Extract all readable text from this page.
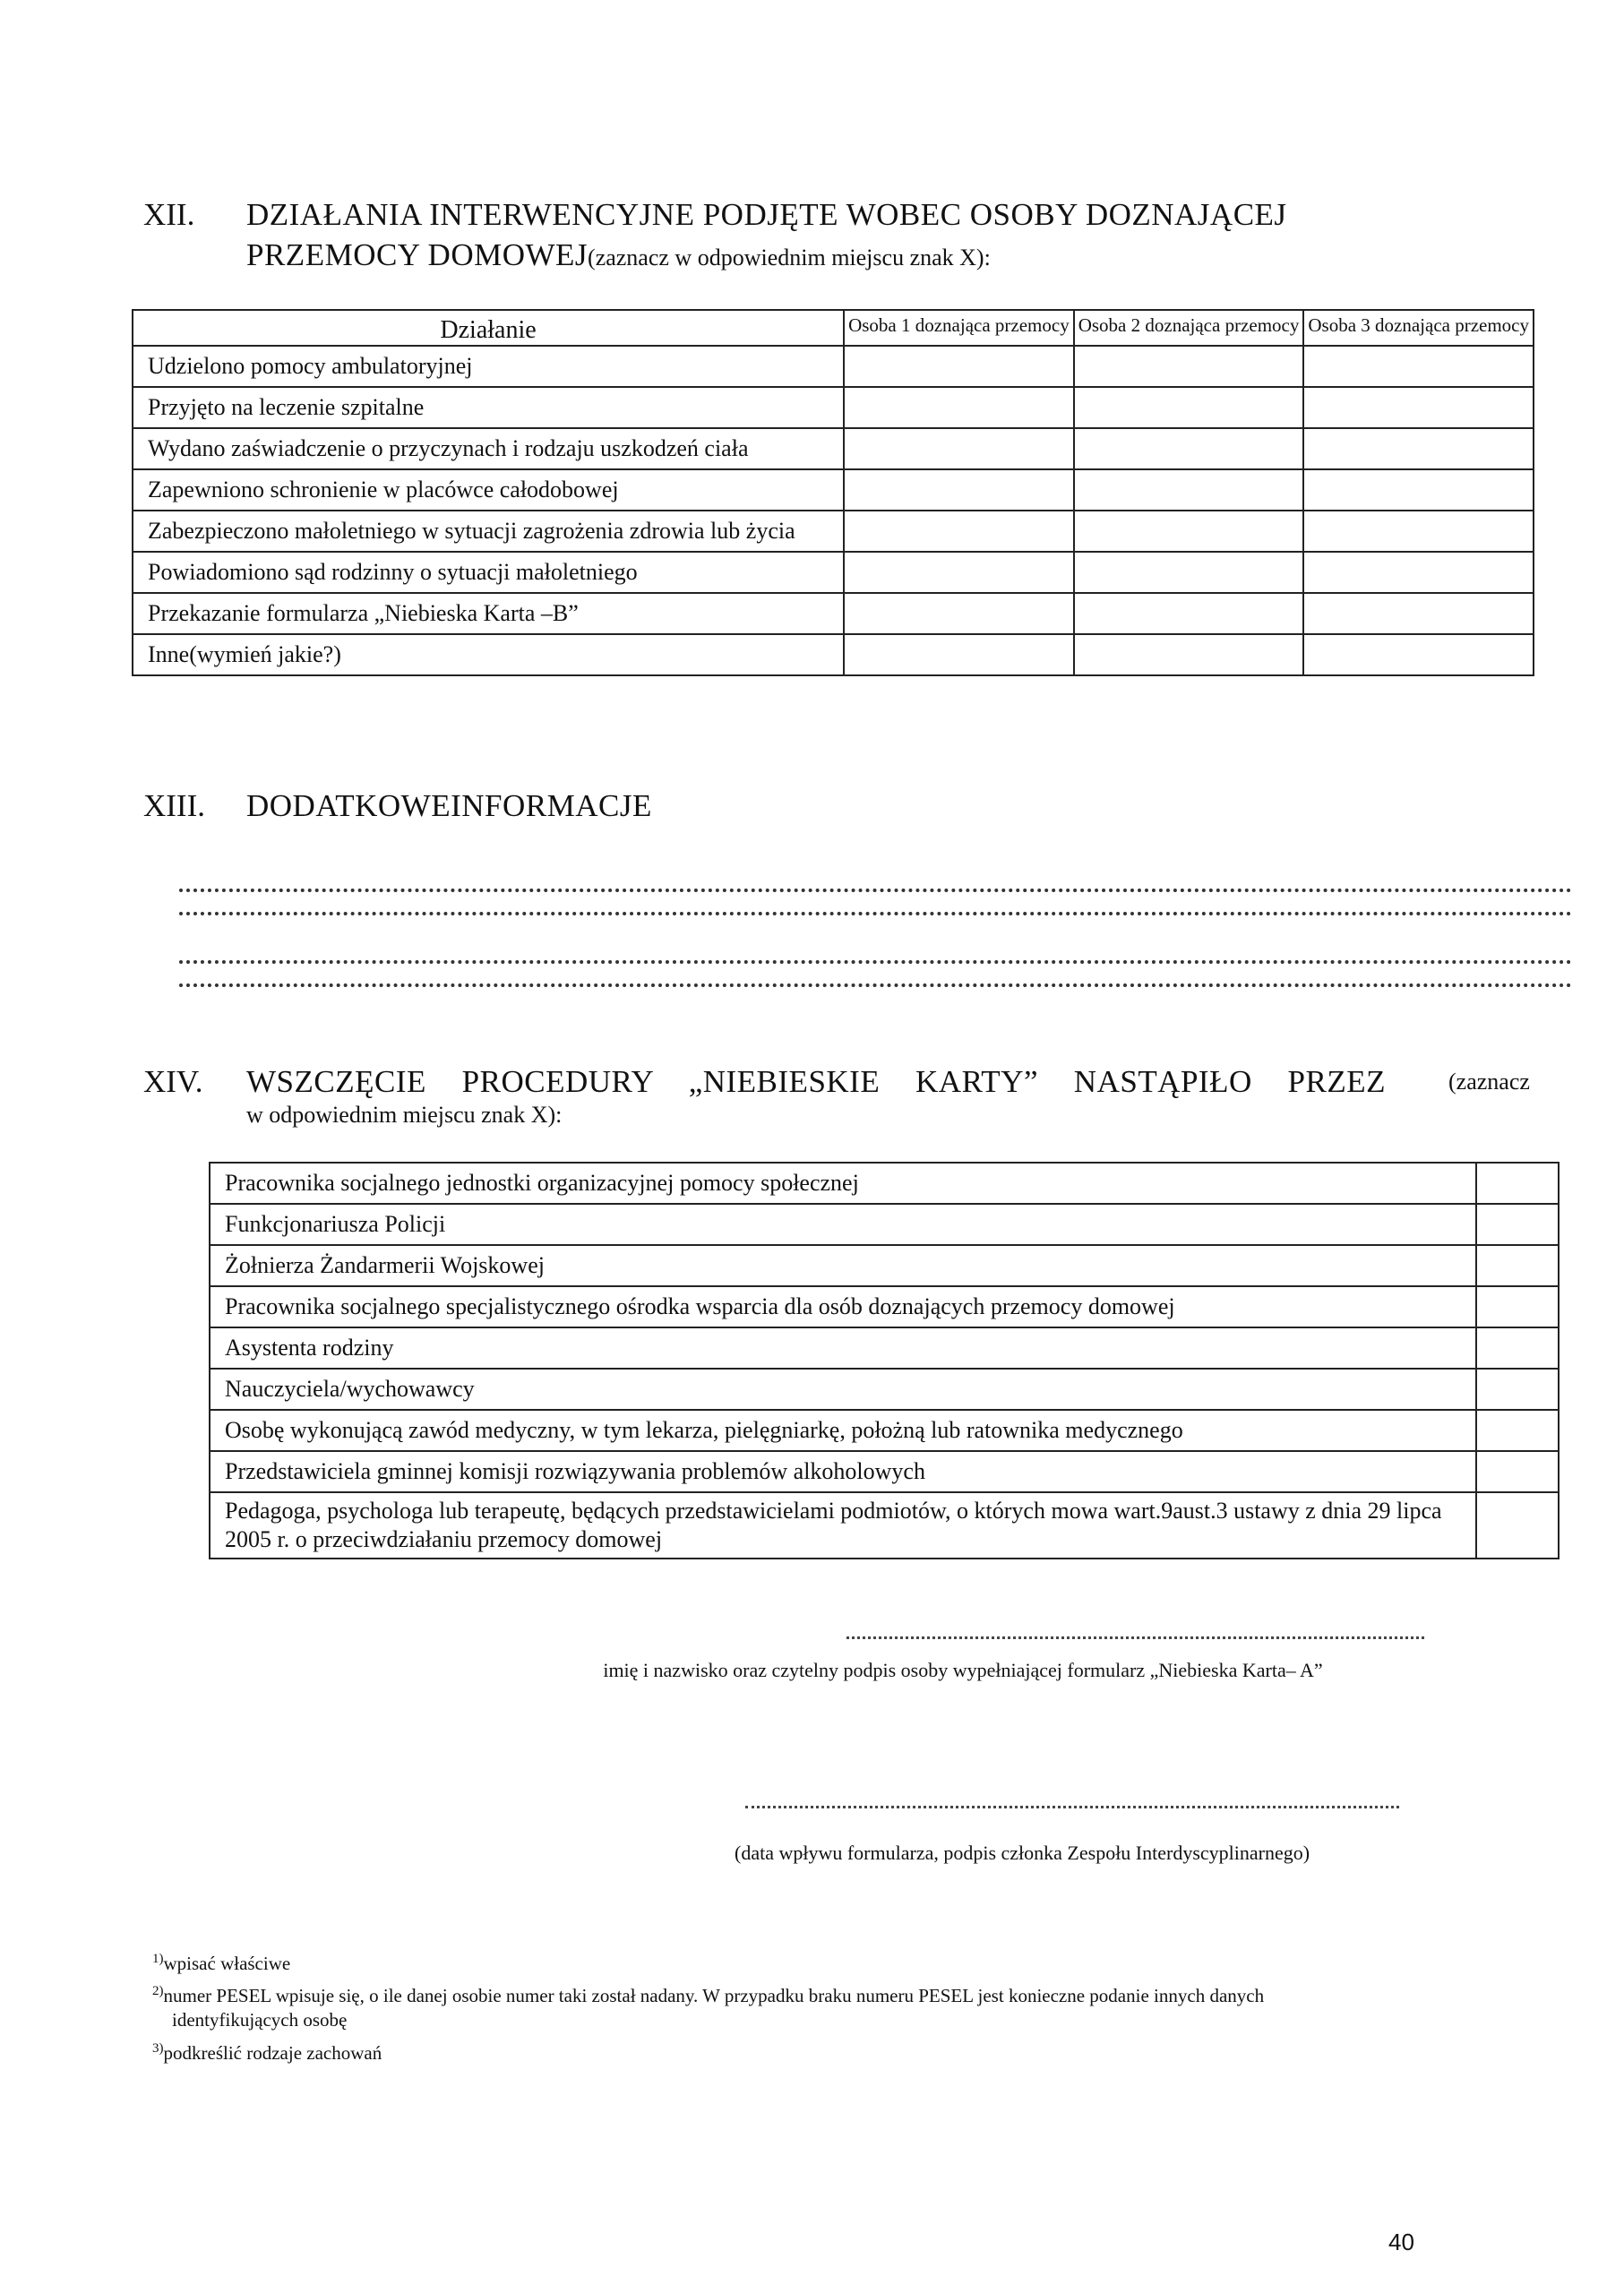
XII. DZIAŁANIA INTERWENCYJNE PODJĘTE WOBEC OSOBY DOZNAJĄCEJ
PRZEMOCY DOMOWEJ(zaznacz w odpowiednim miejscu znak X):
Działanie	Osoba 1 doznająca przemocy	Osoba 2 doznająca przemocy	Osoba 3 doznająca przemocy
Udzielono pomocy ambulatoryjnej			
Przyjęto na leczenie szpitalne			
Wydano zaświadczenie o przyczynach i rodzaju uszkodzeń ciała			
Zapewniono schronienie w placówce całodobowej			
Zabezpieczono małoletniego w sytuacji zagrożenia zdrowia lub życia			
Powiadomiono sąd rodzinny o sytuacji małoletniego			
Przekazanie formularza „Niebieska Karta –B”			
Inne(wymień jakie?)			
XIII. DODATKOWEINFORMACJE
XIV. WSZCZĘCIE PROCEDURY „NIEBIESKIE KARTY” NASTĄPIŁO PRZEZ	(zaznacz
w odpowiednim miejscu znak X):
Pracownika socjalnego jednostki organizacyjnej pomocy społecznej	
Funkcjonariusza Policji	
Żołnierza Żandarmerii Wojskowej	
Pracownika socjalnego specjalistycznego ośrodka wsparcia dla osób doznających przemocy domowej	
Asystenta rodziny	
Nauczyciela/wychowawcy	
Osobę wykonującą zawód medyczny, w tym lekarza, pielęgniarkę, położną lub ratownika medycznego	
Przedstawiciela gminnej komisji rozwiązywania problemów alkoholowych	
Pedagoga, psychologa lub terapeutę, będących przedstawicielami podmiotów, o których mowa wart.9aust.3 ustawy z dnia 29 lipca 2005 r. o przeciwdziałaniu przemocy domowej	
imię i nazwisko oraz czytelny podpis osoby wypełniającej formularz „Niebieska Karta– A”
(data wpływu formularza, podpis członka Zespołu Interdyscyplinarnego)
$^{1)}$wpisać właściwe
$^{2)}$numer PESEL wpisuje się, o ile danej osobie numer taki został nadany. W przypadku braku numeru PESEL jest konieczne podanie innych danych
identyfikujących osobę
$^{3)}$podkreślić rodzaje zachowań
40
